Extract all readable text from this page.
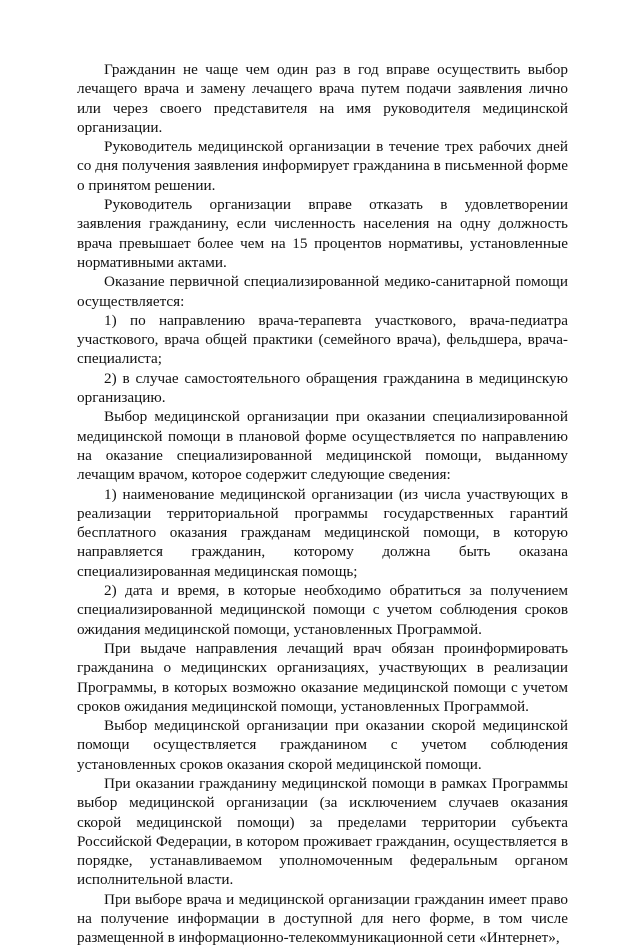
Гражданин не чаще чем один раз в год вправе осуществить выбор лечащего врача и замену лечащего врача путем подачи заявления лично или через своего представителя на имя руководителя медицинской организации.

Руководитель медицинской организации в течение трех рабочих дней со дня получения заявления информирует гражданина в письменной форме о принятом решении.

Руководитель организации вправе отказать в удовлетворении заявления гражданину, если численность населения на одну должность врача превышает более чем на 15 процентов нормативы, установленные нормативными актами.

Оказание первичной специализированной медико-санитарной помощи осуществляется:

1) по направлению врача-терапевта участкового, врача-педиатра участкового, врача общей практики (семейного врача), фельдшера, врача-специалиста;

2) в случае самостоятельного обращения гражданина в медицинскую организацию.

Выбор медицинской организации при оказании специализированной медицинской помощи в плановой форме осуществляется по направлению на оказание специализированной медицинской помощи, выданному лечащим врачом, которое содержит следующие сведения:

1) наименование медицинской организации (из числа участвующих в реализации территориальной программы государственных гарантий бесплатного оказания гражданам медицинской помощи, в которую направляется гражданин, которому должна быть оказана специализированная медицинская помощь;

2) дата и время, в которые необходимо обратиться за получением специализированной медицинской помощи с учетом соблюдения сроков ожидания медицинской помощи, установленных Программой.

При выдаче направления лечащий врач обязан проинформировать гражданина о медицинских организациях, участвующих в реализации Программы, в которых возможно оказание медицинской помощи с учетом сроков ожидания медицинской помощи, установленных Программой.

Выбор медицинской организации при оказании скорой медицинской помощи осуществляется гражданином с учетом соблюдения установленных сроков оказания скорой медицинской помощи.

При оказании гражданину медицинской помощи в рамках Программы выбор медицинской организации (за исключением случаев оказания скорой медицинской помощи) за пределами территории субъекта Российской Федерации, в котором проживает гражданин, осуществляется в порядке, устанавливаемом уполномоченным федеральным органом исполнительной власти.

При выборе врача и медицинской организации гражданин имеет право на получение информации в доступной для него форме, в том числе размещенной в информационно-телекоммуникационной сети «Интернет»,
